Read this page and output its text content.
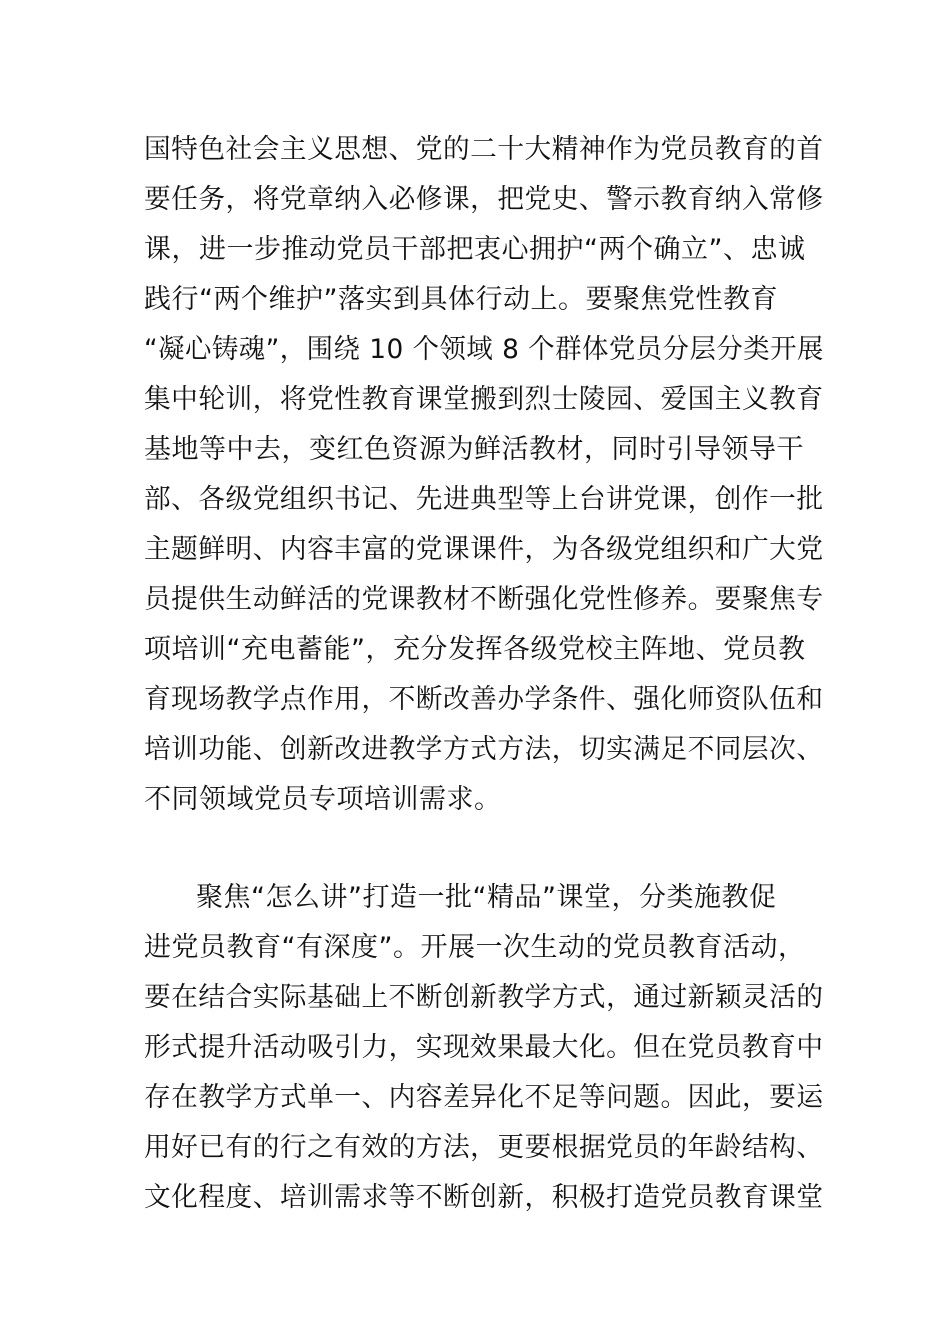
国特色社会主义思想、党的二十大精神作为党员教育的首

要任务，将党章纳入必修课，把党史、警示教育纳入常修

课，进一步推动党员干部把衷心拥护“两个确立”、忠诚

践行“两个维护”落实到具体行动上。要聚焦党性教育

“凝心铸魂”，围绕 10 个领域 8 个群体党员分层分类开展

集中轮训，将党性教育课堂搬到烈士陵园、爱国主义教育

基地等中去，变红色资源为鲜活教材，同时引导领导干

部、各级党组织书记、先进典型等上台讲党课，创作一批

主题鲜明、内容丰富的党课课件，为各级党组织和广大党

员提供生动鲜活的党课教材不断强化党性修养。要聚焦专

项培训“充电蓄能”，充分发挥各级党校主阵地、党员教

育现场教学点作用，不断改善办学条件、强化师资队伍和

培训功能、创新改进教学方式方法，切实满足不同层次、

不同领域党员专项培训需求。

聚焦“怎么讲”打造一批“精品”课堂，分类施教促

进党员教育“有深度”。开展一次生动的党员教育活动，

要在结合实际基础上不断创新教学方式，通过新颖灵活的

形式提升活动吸引力，实现效果最大化。但在党员教育中

存在教学方式单一、内容差异化不足等问题。因此，要运

用好已有的行之有效的方法，更要根据党员的年龄结构、

文化程度、培训需求等不断创新，积极打造党员教育课堂
